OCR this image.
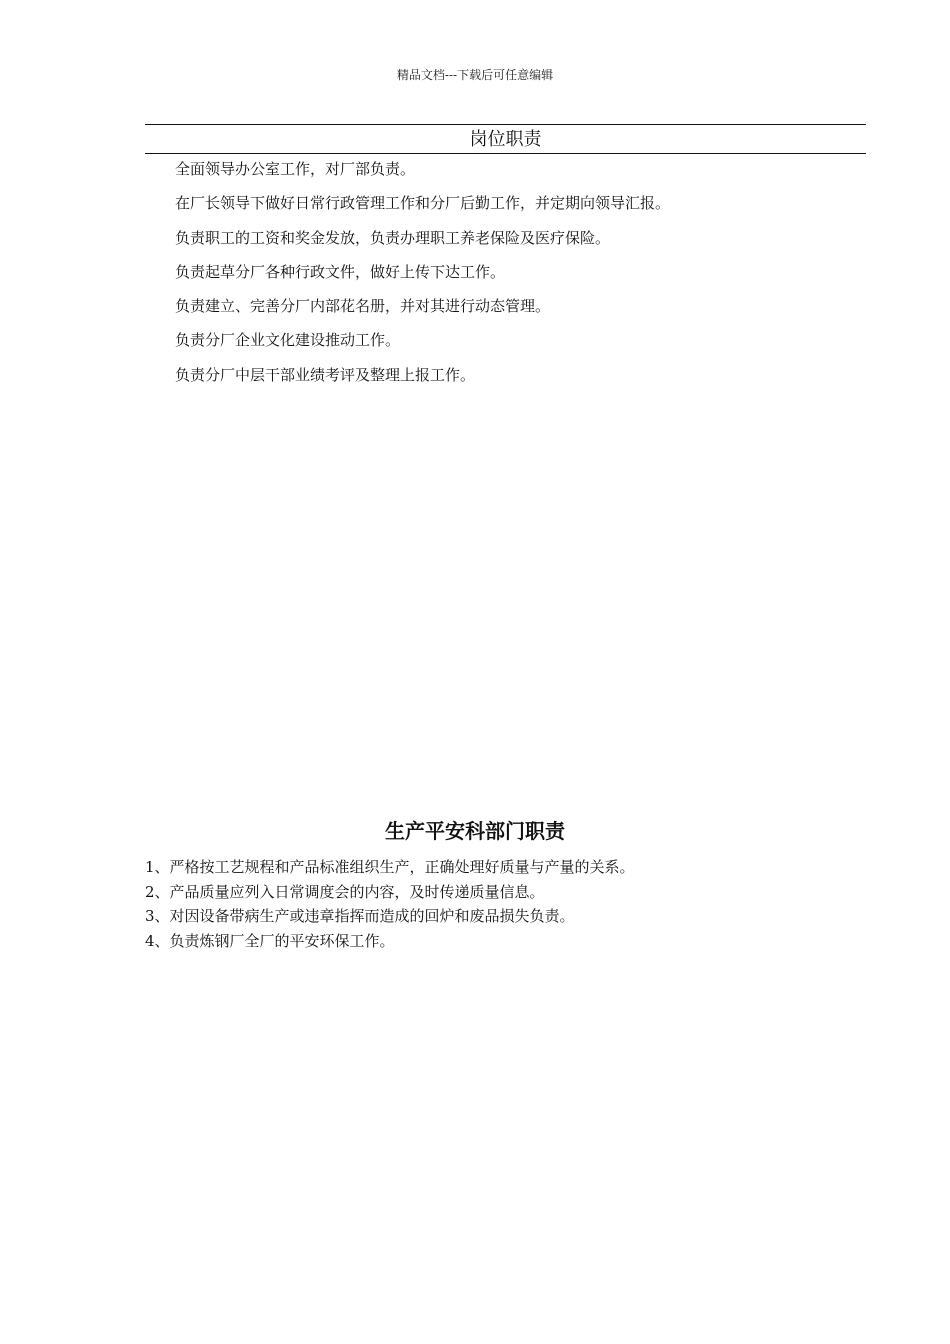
精品文档---下载后可任意编辑
岗位职责
全面领导办公室工作，对厂部负责。
在厂长领导下做好日常行政管理工作和分厂后勤工作，并定期向领导汇报。
负责职工的工资和奖金发放，负责办理职工养老保险及医疗保险。
负责起草分厂各种行政文件，做好上传下达工作。
负责建立、完善分厂内部花名册，并对其进行动态管理。
负责分厂企业文化建设推动工作。
负责分厂中层干部业绩考评及整理上报工作。
生产平安科部门职责
1、严格按工艺规程和产品标准组织生产，正确处理好质量与产量的关系。
2、产品质量应列入日常调度会的内容，及时传递质量信息。
3、对因设备带病生产或违章指挥而造成的回炉和废品损失负责。
4、负责炼钢厂全厂的平安环保工作。
